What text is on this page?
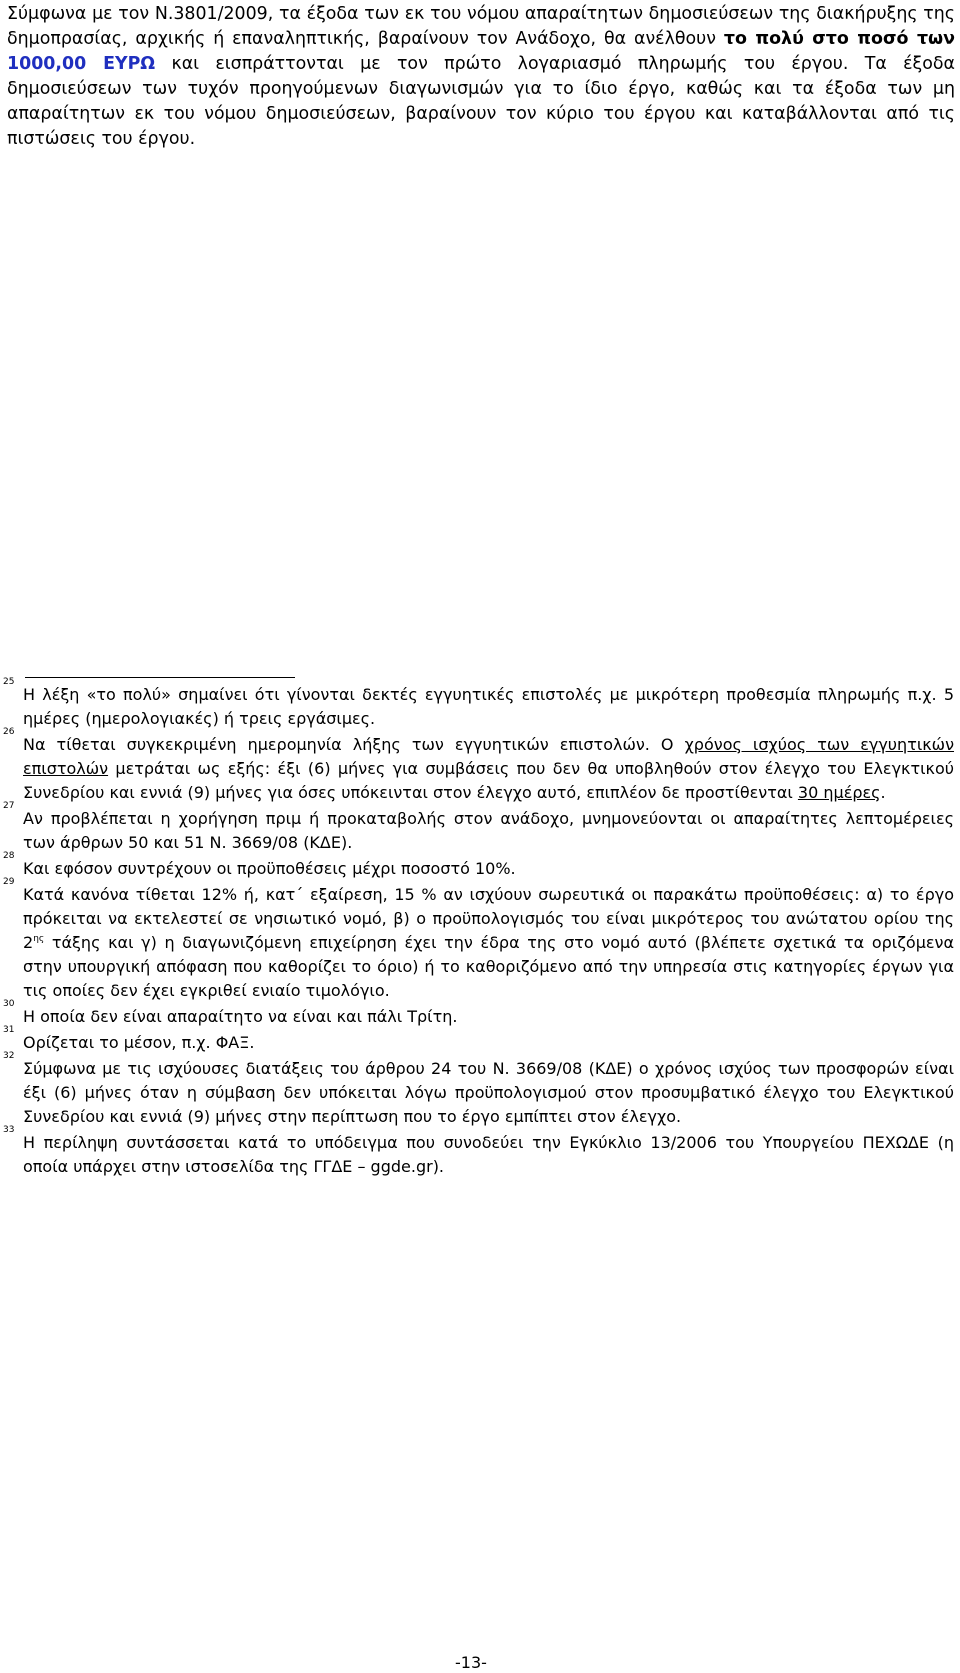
Σύμφωνα με τον Ν.3801/2009, τα έξοδα των εκ του νόμου απαραίτητων δημοσιεύσεων της διακήρυξης της δημοπρασίας, αρχικής ή επαναληπτικής, βαραίνουν τον Ανάδοχο, θα ανέλθουν το πολύ στο ποσό των 1000,00 ΕΥΡΩ και εισπράττονται με τον πρώτο λογαριασμό πληρωμής του έργου. Τα έξοδα δημοσιεύσεων των τυχόν προηγούμενων διαγωνισμών για το ίδιο έργο, καθώς και τα έξοδα των μη απαραίτητων εκ του νόμου δημοσιεύσεων, βαραίνουν τον κύριο του έργου και καταβάλλονται από τις πιστώσεις του έργου.

25
Η λέξη «το πολύ» σημαίνει ότι γίνονται δεκτές εγγυητικές επιστολές με μικρότερη προθεσμία πληρωμής π.χ. 5 ημέρες (ημερολογιακές) ή τρεις εργάσιμες.
26
Να τίθεται συγκεκριμένη ημερομηνία λήξης των εγγυητικών επιστολών. Ο χρόνος ισχύος των εγγυητικών επιστολών μετράται ως εξής: έξι (6) μήνες για συμβάσεις που δεν θα υποβληθούν στον έλεγχο του Ελεγκτικού Συνεδρίου και εννιά (9) μήνες για όσες υπόκεινται στον έλεγχο αυτό, επιπλέον δε προστίθενται 30 ημέρες.
27
Αν προβλέπεται η χορήγηση πριμ ή προκαταβολής στον ανάδοχο, μνημονεύονται οι απαραίτητες λεπτομέρειες των άρθρων 50 και 51 Ν. 3669/08 (ΚΔΕ).
28
Και εφόσον συντρέχουν οι προϋποθέσεις μέχρι ποσοστό 10%.
29
Κατά κανόνα τίθεται 12% ή, κατ΄ εξαίρεση, 15 % αν ισχύουν σωρευτικά οι παρακάτω προϋποθέσεις: α) το έργο πρόκειται να εκτελεστεί σε νησιωτικό νομό, β) ο προϋπολογισμός του είναι μικρότερος του ανώτατου ορίου της $2^{\eta\varsigma}$ τάξης και γ) η διαγωνιζόμενη επιχείρηση έχει την έδρα της στο νομό αυτό (βλέπετε σχετικά τα οριζόμενα στην υπουργική απόφαση που καθορίζει το όριο) ή το καθοριζόμενο από την υπηρεσία στις κατηγορίες έργων για τις οποίες δεν έχει εγκριθεί ενιαίο τιμολόγιο.
30
Η οποία δεν είναι απαραίτητο να είναι και πάλι Τρίτη.
31
Ορίζεται το μέσον, π.χ. ΦΑΞ.
32
Σύμφωνα με τις ισχύουσες διατάξεις του άρθρου 24 του Ν. 3669/08 (ΚΔΕ) ο χρόνος ισχύος των προσφορών είναι έξι (6) μήνες όταν η σύμβαση δεν υπόκειται λόγω προϋπολογισμού στον προσυμβατικό έλεγχο του Ελεγκτικού Συνεδρίου και εννιά (9) μήνες στην περίπτωση που το έργο εμπίπτει στον έλεγχο.
33
Η περίληψη συντάσσεται κατά το υπόδειγμα που συνοδεύει την Εγκύκλιο 13/2006 του Υπουργείου ΠΕΧΩΔΕ (η οποία υπάρχει στην ιστοσελίδα της ΓΓΔΕ – ggde.gr).
-13-
